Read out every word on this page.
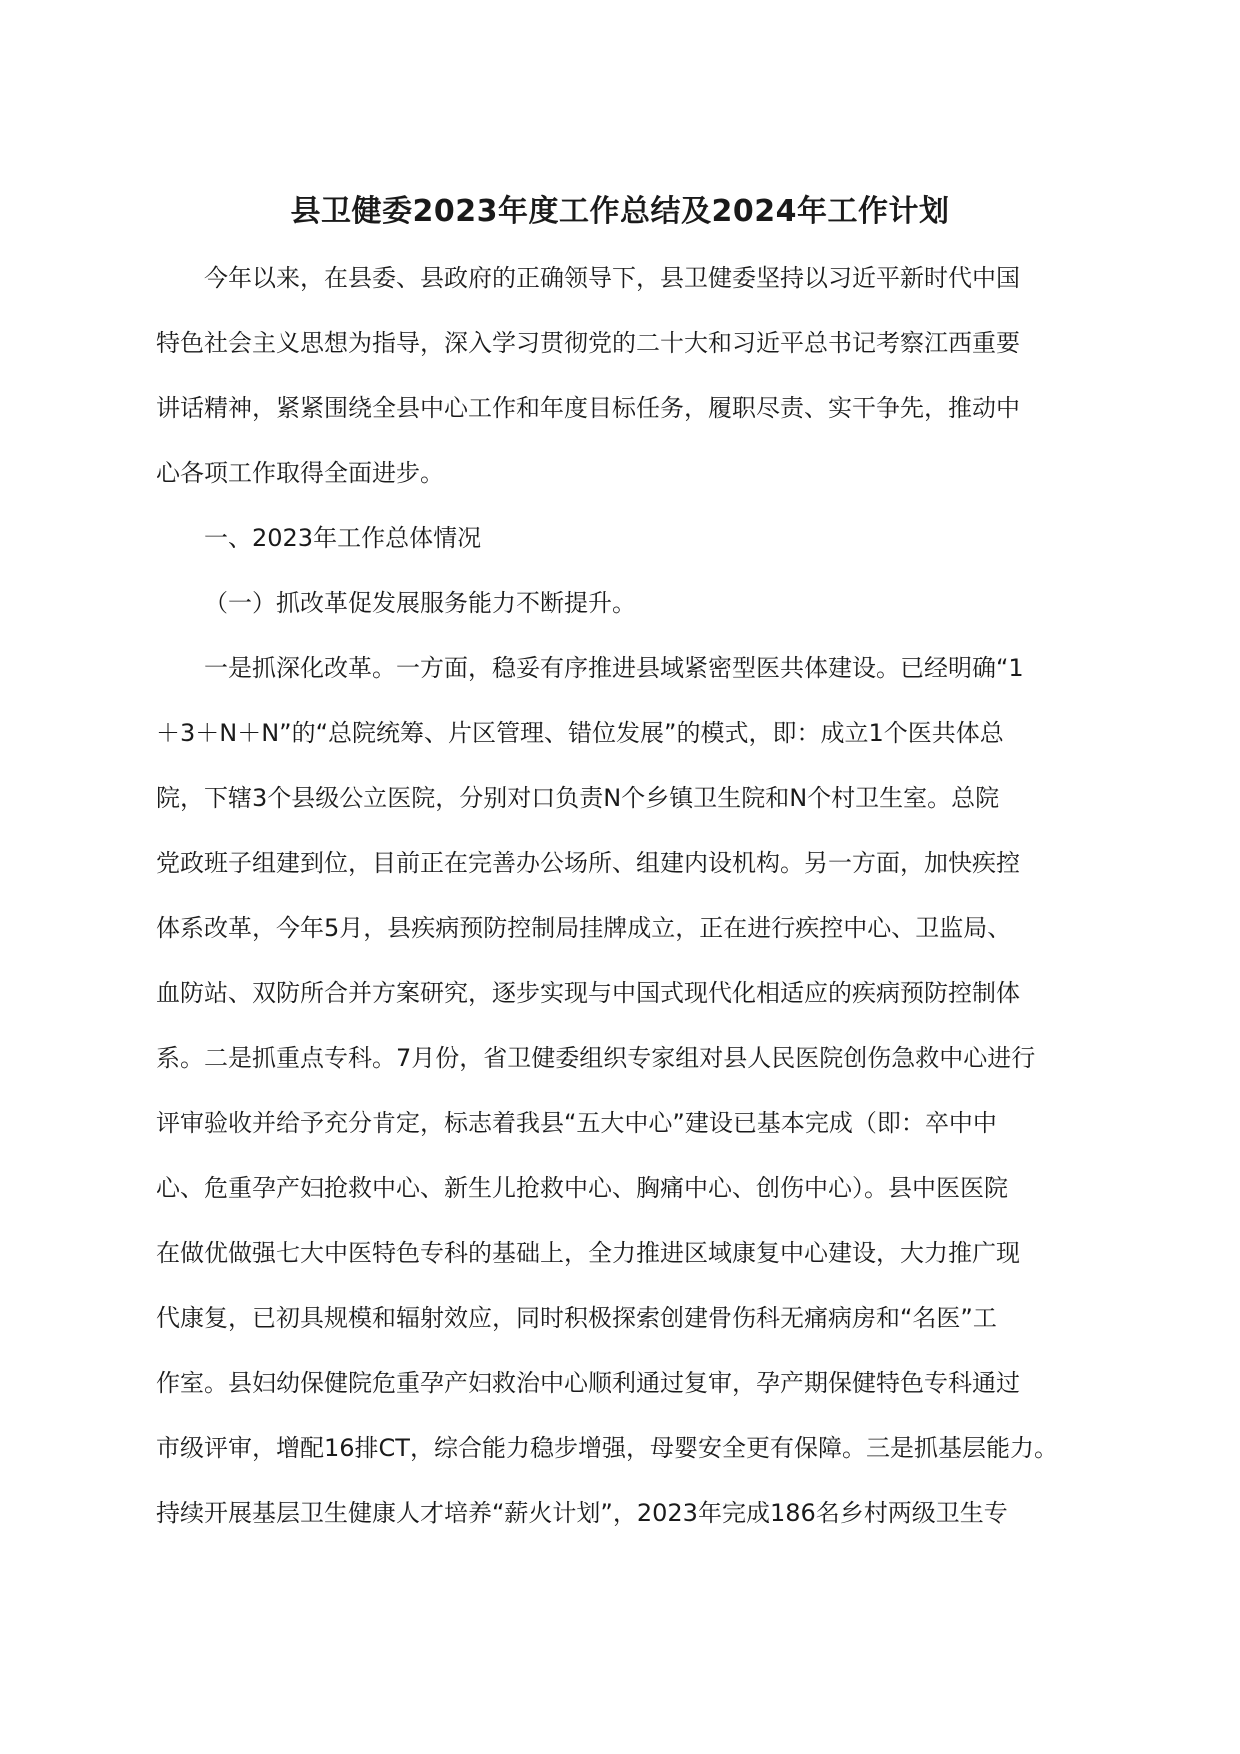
县卫健委2023年度工作总结及2024年工作计划
今年以来，在县委、县政府的正确领导下，县卫健委坚持以习近平新时代中国
特色社会主义思想为指导，深入学习贯彻党的二十大和习近平总书记考察江西重要
讲话精神，紧紧围绕全县中心工作和年度目标任务，履职尽责、实干争先，推动中
心各项工作取得全面进步。
一、2023年工作总体情况
（一）抓改革促发展服务能力不断提升。
一是抓深化改革。一方面，稳妥有序推进县域紧密型医共体建设。已经明确“1
＋3＋N＋N”的“总院统筹、片区管理、错位发展”的模式，即：成立1个医共体总
院，下辖3个县级公立医院，分别对口负责N个乡镇卫生院和N个村卫生室。总院
党政班子组建到位，目前正在完善办公场所、组建内设机构。另一方面，加快疾控
体系改革，今年5月，县疾病预防控制局挂牌成立，正在进行疾控中心、卫监局、
血防站、双防所合并方案研究，逐步实现与中国式现代化相适应的疾病预防控制体
系。二是抓重点专科。7月份，省卫健委组织专家组对县人民医院创伤急救中心进行
评审验收并给予充分肯定，标志着我县“五大中心”建设已基本完成（即：卒中中
心、危重孕产妇抢救中心、新生儿抢救中心、胸痛中心、创伤中心）。县中医医院
在做优做强七大中医特色专科的基础上，全力推进区域康复中心建设，大力推广现
代康复，已初具规模和辐射效应，同时积极探索创建骨伤科无痛病房和“名医”工
作室。县妇幼保健院危重孕产妇救治中心顺利通过复审，孕产期保健特色专科通过
市级评审，增配16排CT，综合能力稳步增强，母婴安全更有保障。三是抓基层能力。
持续开展基层卫生健康人才培养“薪火计划”，2023年完成186名乡村两级卫生专
